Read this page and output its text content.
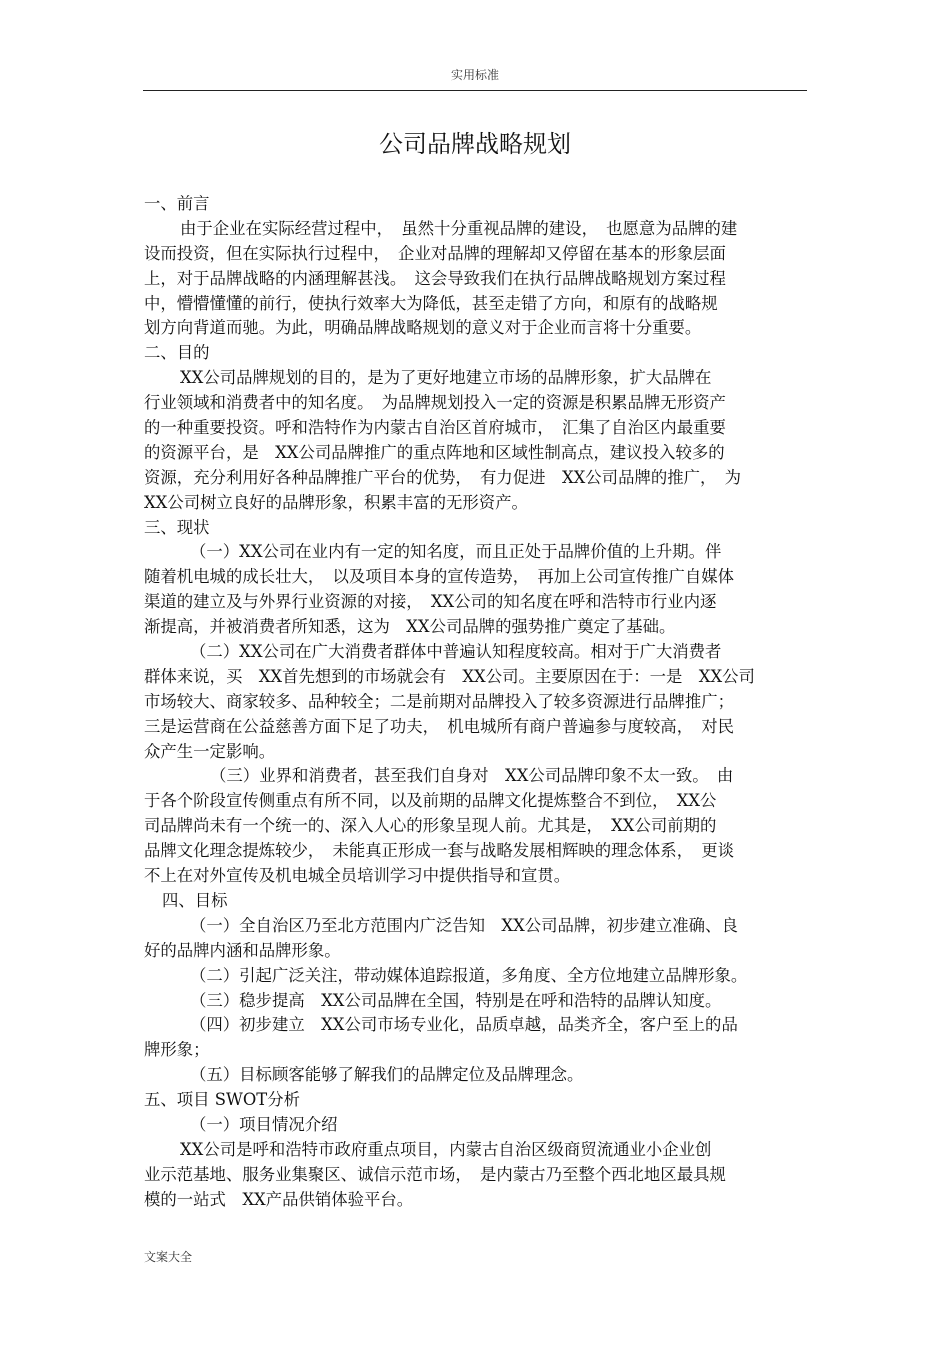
实用标准
公司品牌战略规划
一、前言
由于企业在实际经营过程中，　虽然十分重视品牌的建设，　也愿意为品牌的建
设而投资，但在实际执行过程中，　企业对品牌的理解却又停留在基本的形象层面
上，对于品牌战略的内涵理解甚浅。　这会导致我们在执行品牌战略规划方案过程
中，懵懵懂懂的前行，使执行效率大为降低，甚至走错了方向，和原有的战略规
划方向背道而驰。为此，明确品牌战略规划的意义对于企业而言将十分重要。
二、目的
XX公司品牌规划的目的，是为了更好地建立市场的品牌形象，扩大品牌在
行业领域和消费者中的知名度。　为品牌规划投入一定的资源是积累品牌无形资产
的一种重要投资。呼和浩特作为内蒙古自治区首府城市，　汇集了自治区内最重要
的资源平台，是　XX公司品牌推广的重点阵地和区域性制高点，建议投入较多的
资源，充分利用好各种品牌推广平台的优势，　有力促进　XX公司品牌的推广，　为
XX公司树立良好的品牌形象，积累丰富的无形资产。
三、现状
（一）XX公司在业内有一定的知名度，而且正处于品牌价值的上升期。伴
随着机电城的成长壮大，　以及项目本身的宣传造势，　再加上公司宣传推广自媒体
渠道的建立及与外界行业资源的对接，　XX公司的知名度在呼和浩特市行业内逐
渐提高，并被消费者所知悉，这为　XX公司品牌的强势推广奠定了基础。
（二）XX公司在广大消费者群体中普遍认知程度较高。相对于广大消费者
群体来说，买　XX首先想到的市场就会有　XX公司。主要原因在于：一是　XX公司
市场较大、商家较多、品种较全；二是前期对品牌投入了较多资源进行品牌推广；
三是运营商在公益慈善方面下足了功夫，　机电城所有商户普遍参与度较高，　对民
众产生一定影响。
（三）业界和消费者，甚至我们自身对　XX公司品牌印象不太一致。　由
于各个阶段宣传侧重点有所不同，以及前期的品牌文化提炼整合不到位，　XX公
司品牌尚未有一个统一的、深入人心的形象呈现人前。尤其是，　XX公司前期的
品牌文化理念提炼较少，　未能真正形成一套与战略发展相辉映的理念体系，　更谈
不上在对外宣传及机电城全员培训学习中提供指导和宣贯。
四、目标
（一）全自治区乃至北方范围内广泛告知　XX公司品牌，初步建立准确、良
好的品牌内涵和品牌形象。
（二）引起广泛关注，带动媒体追踪报道，多角度、全方位地建立品牌形象。
（三）稳步提高　XX公司品牌在全国，特别是在呼和浩特的品牌认知度。
（四）初步建立　XX公司市场专业化，品质卓越，品类齐全，客户至上的品
牌形象；
（五）目标顾客能够了解我们的品牌定位及品牌理念。
五、项目 SWOT分析
（一）项目情况介绍
XX公司是呼和浩特市政府重点项目，内蒙古自治区级商贸流通业小企业创
业示范基地、服务业集聚区、诚信示范市场，　是内蒙古乃至整个西北地区最具规
模的一站式　XX产品供销体验平台。
文案大全
